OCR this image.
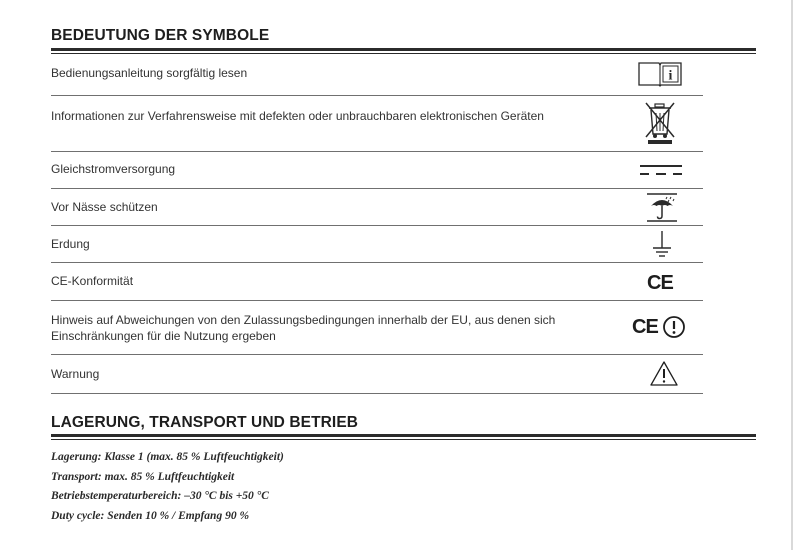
BEDEUTUNG DER SYMBOLE
Bedienungsanleitung sorgfältig lesen	i
Informationen zur Verfahrensweise mit defekten oder unbrauchbaren elektronischen Geräten
Gleichstromversorgung
Vor Nässe schützen
Erdung
CE-Konformität	CE
Hinweis auf Abweichungen von den Zulassungsbedingungen innerhalb der EU, aus denen sich Einschränkungen für die Nutzung ergeben	CE
Warnung
LAGERUNG, TRANSPORT UND BETRIEB
Lagerung: Klasse 1 (max. 85 % Luftfeuchtigkeit)
Transport: max. 85 % Luftfeuchtigkeit
Betriebstemperaturbereich: –30 °C bis +50 °C
Duty cycle: Senden 10 % / Empfang 90 %
